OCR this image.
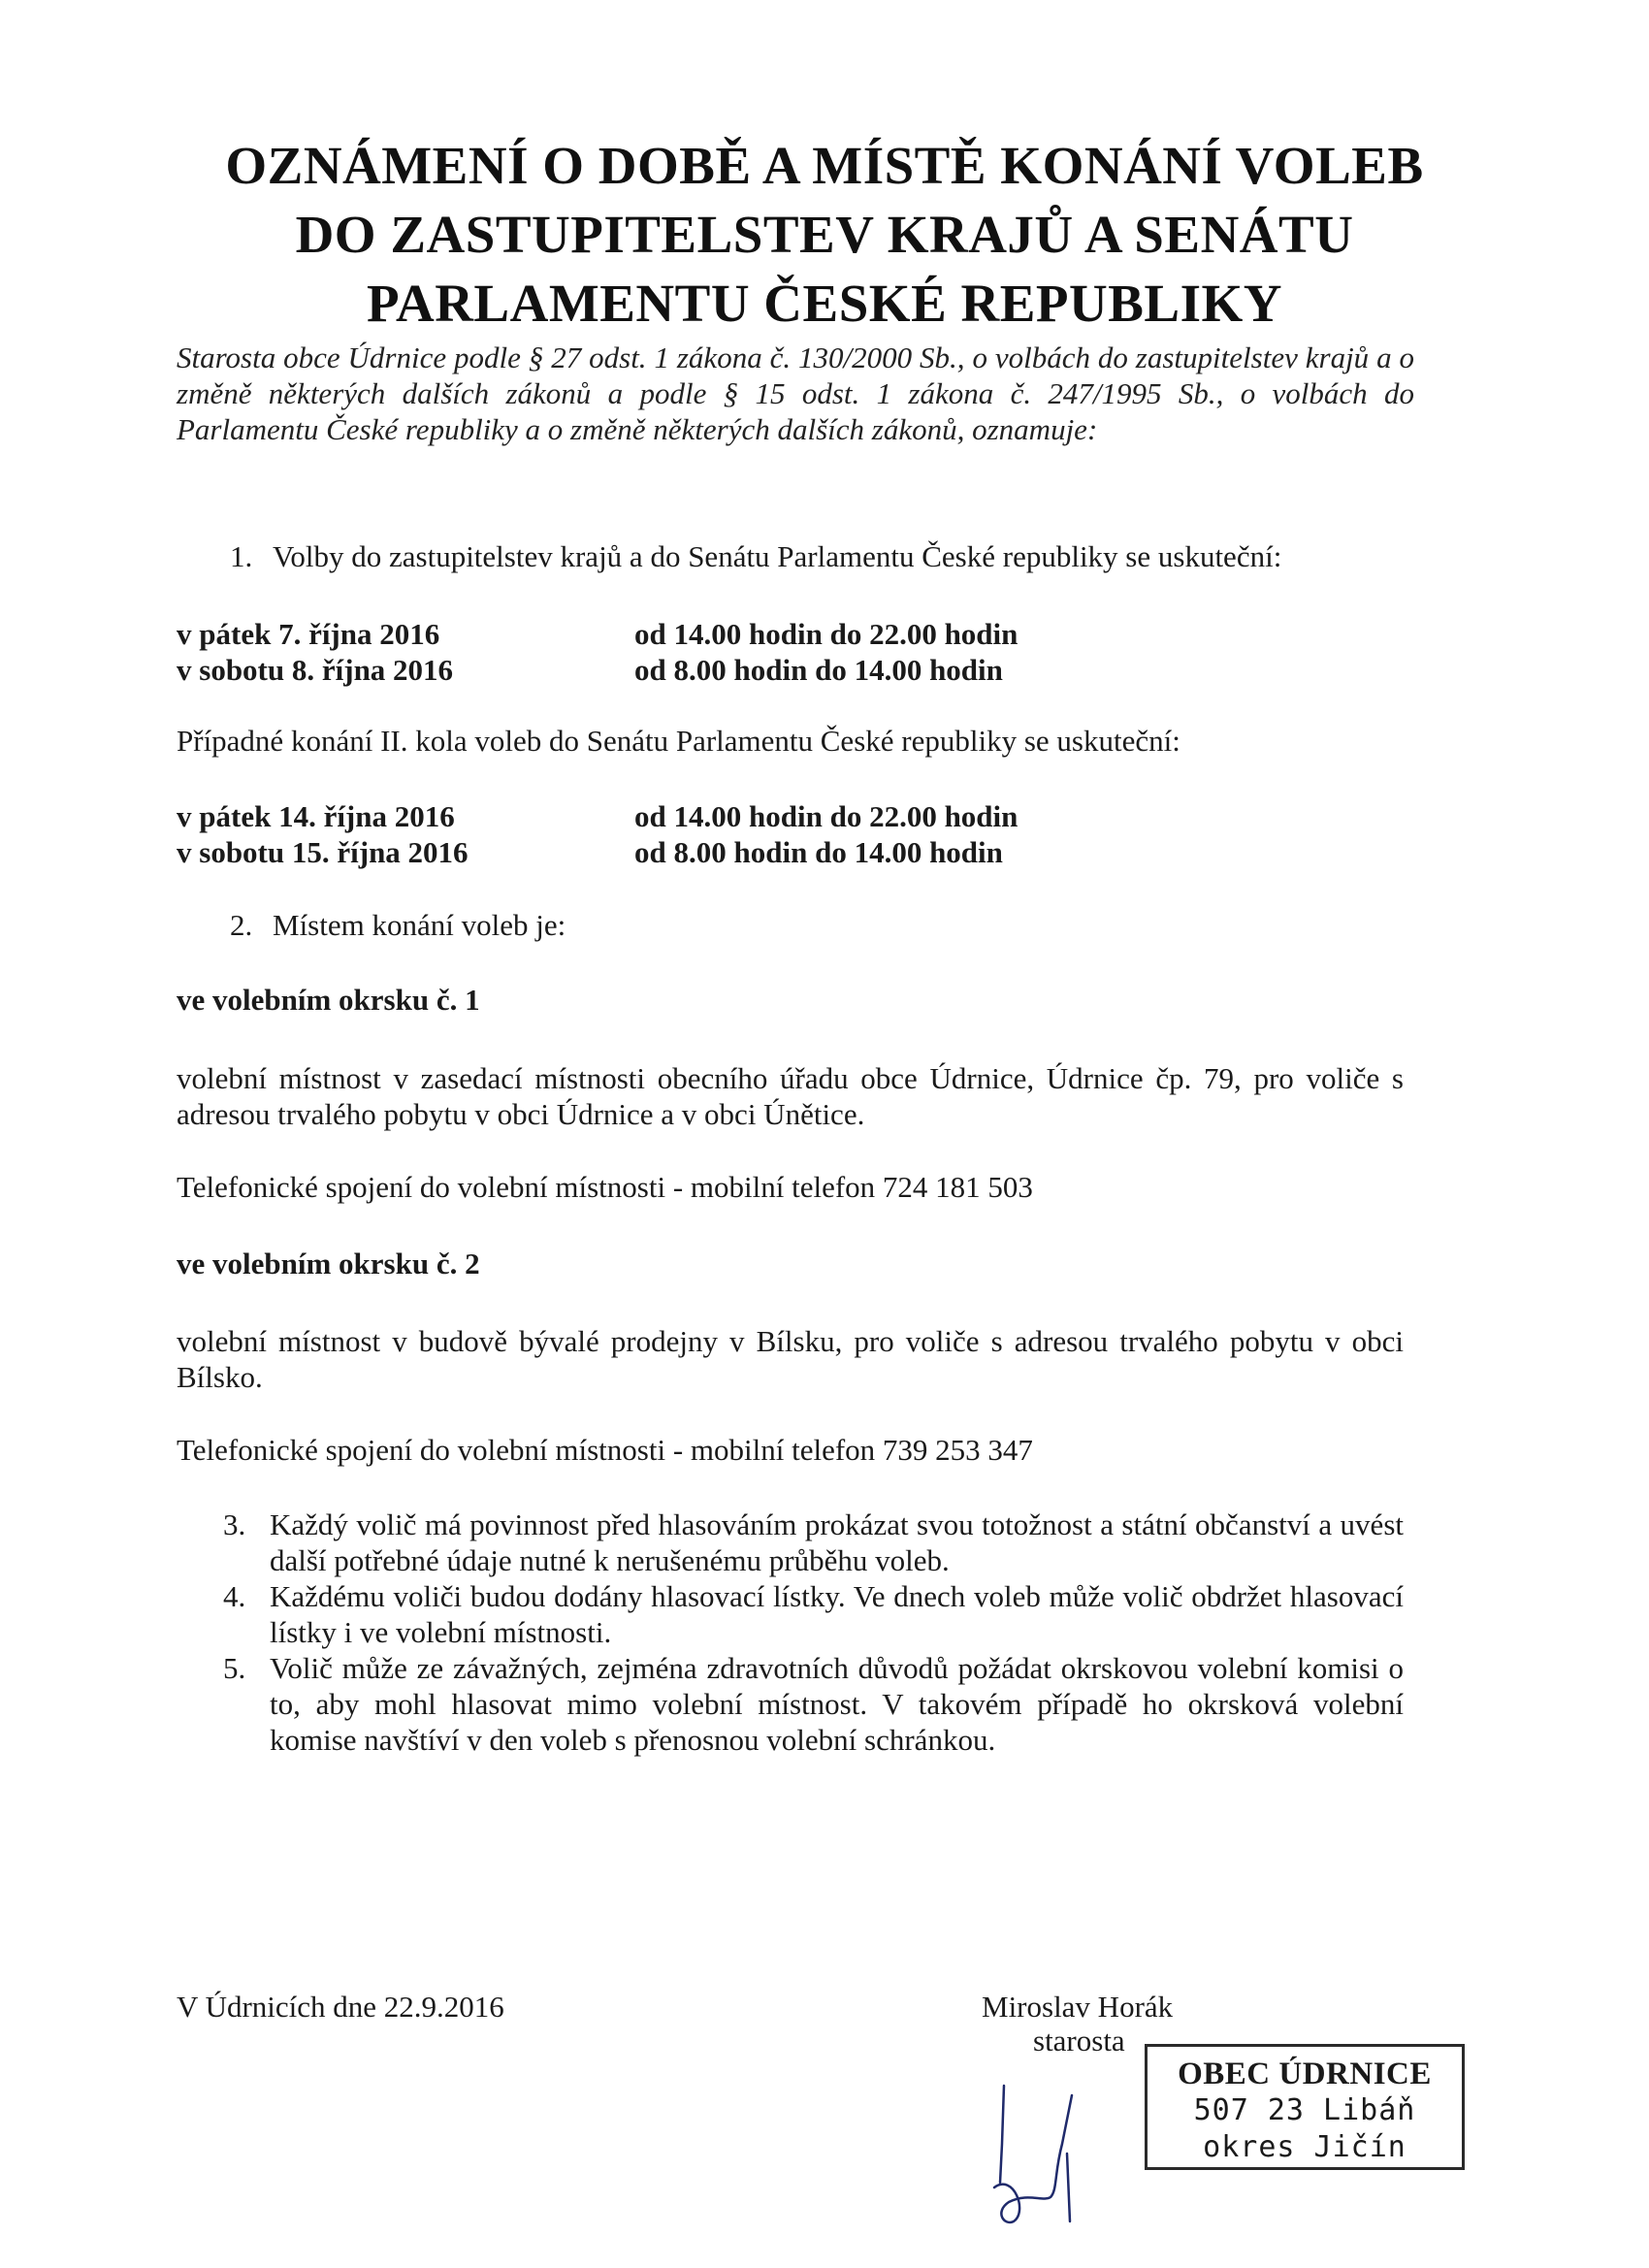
OZNÁMENÍ O DOBĚ A MÍSTĚ KONÁNÍ VOLEB
DO ZASTUPITELSTEV KRAJŮ A SENÁTU
PARLAMENTU ČESKÉ REPUBLIKY
Starosta obce Údrnice podle § 27 odst. 1 zákona č. 130/2000 Sb., o volbách do zastupitelstev krajů a o změně některých dalších zákonů a podle § 15 odst. 1 zákona č. 247/1995 Sb., o volbách do Parlamentu České republiky a o změně některých dalších zákonů, oznamuje:
1. Volby do zastupitelstev krajů a do Senátu Parlamentu České republiky se uskuteční:
v pátek 7. října 2016	od 14.00 hodin do 22.00 hodin
v sobotu 8. října 2016	od 8.00 hodin do 14.00 hodin
Případné konání II. kola voleb do Senátu Parlamentu České republiky se uskuteční:
v pátek 14. října 2016	od 14.00 hodin do 22.00 hodin
v sobotu 15. října 2016	od 8.00 hodin do 14.00 hodin
2. Místem konání voleb je:
ve volebním okrsku č. 1
volební místnost v zasedací místnosti obecního úřadu obce Údrnice, Údrnice čp. 79, pro voliče s adresou trvalého pobytu v obci Údrnice a v obci Únětice.
Telefonické spojení do volební místnosti - mobilní telefon 724 181 503
ve volebním okrsku č. 2
volební místnost v budově bývalé prodejny v Bílsku, pro voliče s adresou trvalého pobytu v obci Bílsko.
Telefonické spojení do volební místnosti - mobilní telefon 739 253 347
3. Každý volič má povinnost před hlasováním prokázat svou totožnost a státní občanství a uvést další potřebné údaje nutné k nerušenému průběhu voleb.
4. Každému voliči budou dodány hlasovací lístky. Ve dnech voleb může volič obdržet hlasovací lístky i ve volební místnosti.
5. Volič může ze závažných, zejména zdravotních důvodů požádat okrskovou volební komisi o to, aby mohl hlasovat mimo volební místnost. V takovém případě ho okrsková volební komise navštíví v den voleb s přenosnou volební schránkou.
V Údrnicích dne 22.9.2016	Miroslav Horák
starosta
OBEC ÚDRNICE
507 23 Libáň
okres Jičín
